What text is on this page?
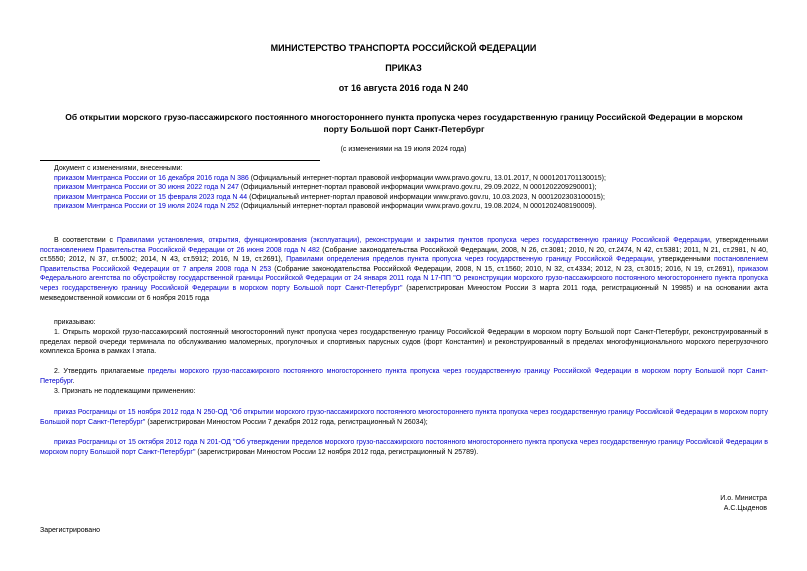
МИНИСТЕРСТВО ТРАНСПОРТА РОССИЙСКОЙ ФЕДЕРАЦИИ
ПРИКАЗ
от 16 августа 2016 года N 240
Об открытии морского грузо-пассажирского постоянного многостороннего пункта пропуска через государственную границу Российской Федерации в морском порту Большой порт Санкт-Петербург
(с изменениями на 19 июля 2024 года)
Документ с изменениями, внесенными:
приказом Минтранса России от 16 декабря 2016 года N 386 (Официальный интернет-портал правовой информации www.pravo.gov.ru, 13.01.2017, N 0001201701130015);
приказом Минтранса России от 30 июня 2022 года N 247 (Официальный интернет-портал правовой информации www.pravo.gov.ru, 29.09.2022, N 0001202209290001);
приказом Минтранса России от 15 февраля 2023 года N 44 (Официальный интернет-портал правовой информации www.pravo.gov.ru, 10.03.2023, N 0001202303100015);
приказом Минтранса России от 19 июля 2024 года N 252 (Официальный интернет-портал правовой информации www.pravo.gov.ru, 19.08.2024, N 0001202408190009).
В соответствии с Правилами установления, открытия, функционирования (эксплуатации), реконструкции и закрытия пунктов пропуска через государственную границу Российской Федерации, утвержденными постановлением Правительства Российской Федерации от 26 июня 2008 года N 482 (Собрание законодательства Российской Федерации, 2008, N 26, ст.3081; 2010, N 20, ст.2474, N 42, ст.5381; 2011, N 21, ст.2981, N 40, ст.5550; 2012, N 37, ст.5002; 2014, N 43, ст.5912; 2016, N 19, ст.2691), Правилами определения пределов пункта пропуска через государственную границу Российской Федерации, утвержденными постановлением Правительства Российской Федерации от 7 апреля 2008 года N 253 (Собрание законодательства Российской Федерации, 2008, N 15, ст.1560; 2010, N 32, ст.4334; 2012, N 23, ст.3015; 2016, N 19, ст.2691), приказом Федерального агентства по обустройству государственной границы Российской Федерации от 24 января 2011 года N 17-ПП "О реконструкции морского грузо-пассажирского постоянного многостороннего пункта пропуска через государственную границу Российской Федерации в морском порту Большой порт Санкт-Петербург" (зарегистрирован Минюстом России 3 марта 2011 года, регистрационный N 19985) и на основании акта межведомственной комиссии от 6 ноября 2015 года
приказываю:
1. Открыть морской грузо-пассажирский постоянный многосторонний пункт пропуска через государственную границу Российской Федерации в морском порту Большой порт Санкт-Петербург, реконструированный в пределах первой очереди терминала по обслуживанию маломерных, прогулочных и спортивных парусных судов (форт Константин) и реконструированный в пределах многофункционального морского перегрузочного комплекса Бронка в рамках I этапа.
2. Утвердить прилагаемые пределы морского грузо-пассажирского постоянного многостороннего пункта пропуска через государственную границу Российской Федерации в морском порту Большой порт Санкт-Петербург.
3. Признать не подлежащими применению:
приказ Росграницы от 15 ноября 2012 года N 250-ОД "Об открытии морского грузо-пассажирского постоянного многостороннего пункта пропуска через государственную границу Российской Федерации в морском порту Большой порт Санкт-Петербург" (зарегистрирован Минюстом России 7 декабря 2012 года, регистрационный N 26034);
приказ Росграницы от 15 октября 2012 года N 201-ОД "Об утверждении пределов морского грузо-пассажирского постоянного многостороннего пункта пропуска через государственную границу Российской Федерации в морском порту Большой порт Санкт-Петербург" (зарегистрирован Минюстом России 12 ноября 2012 года, регистрационный N 25789).
И.о. Министра
А.С.Цыденов
Зарегистрировано
